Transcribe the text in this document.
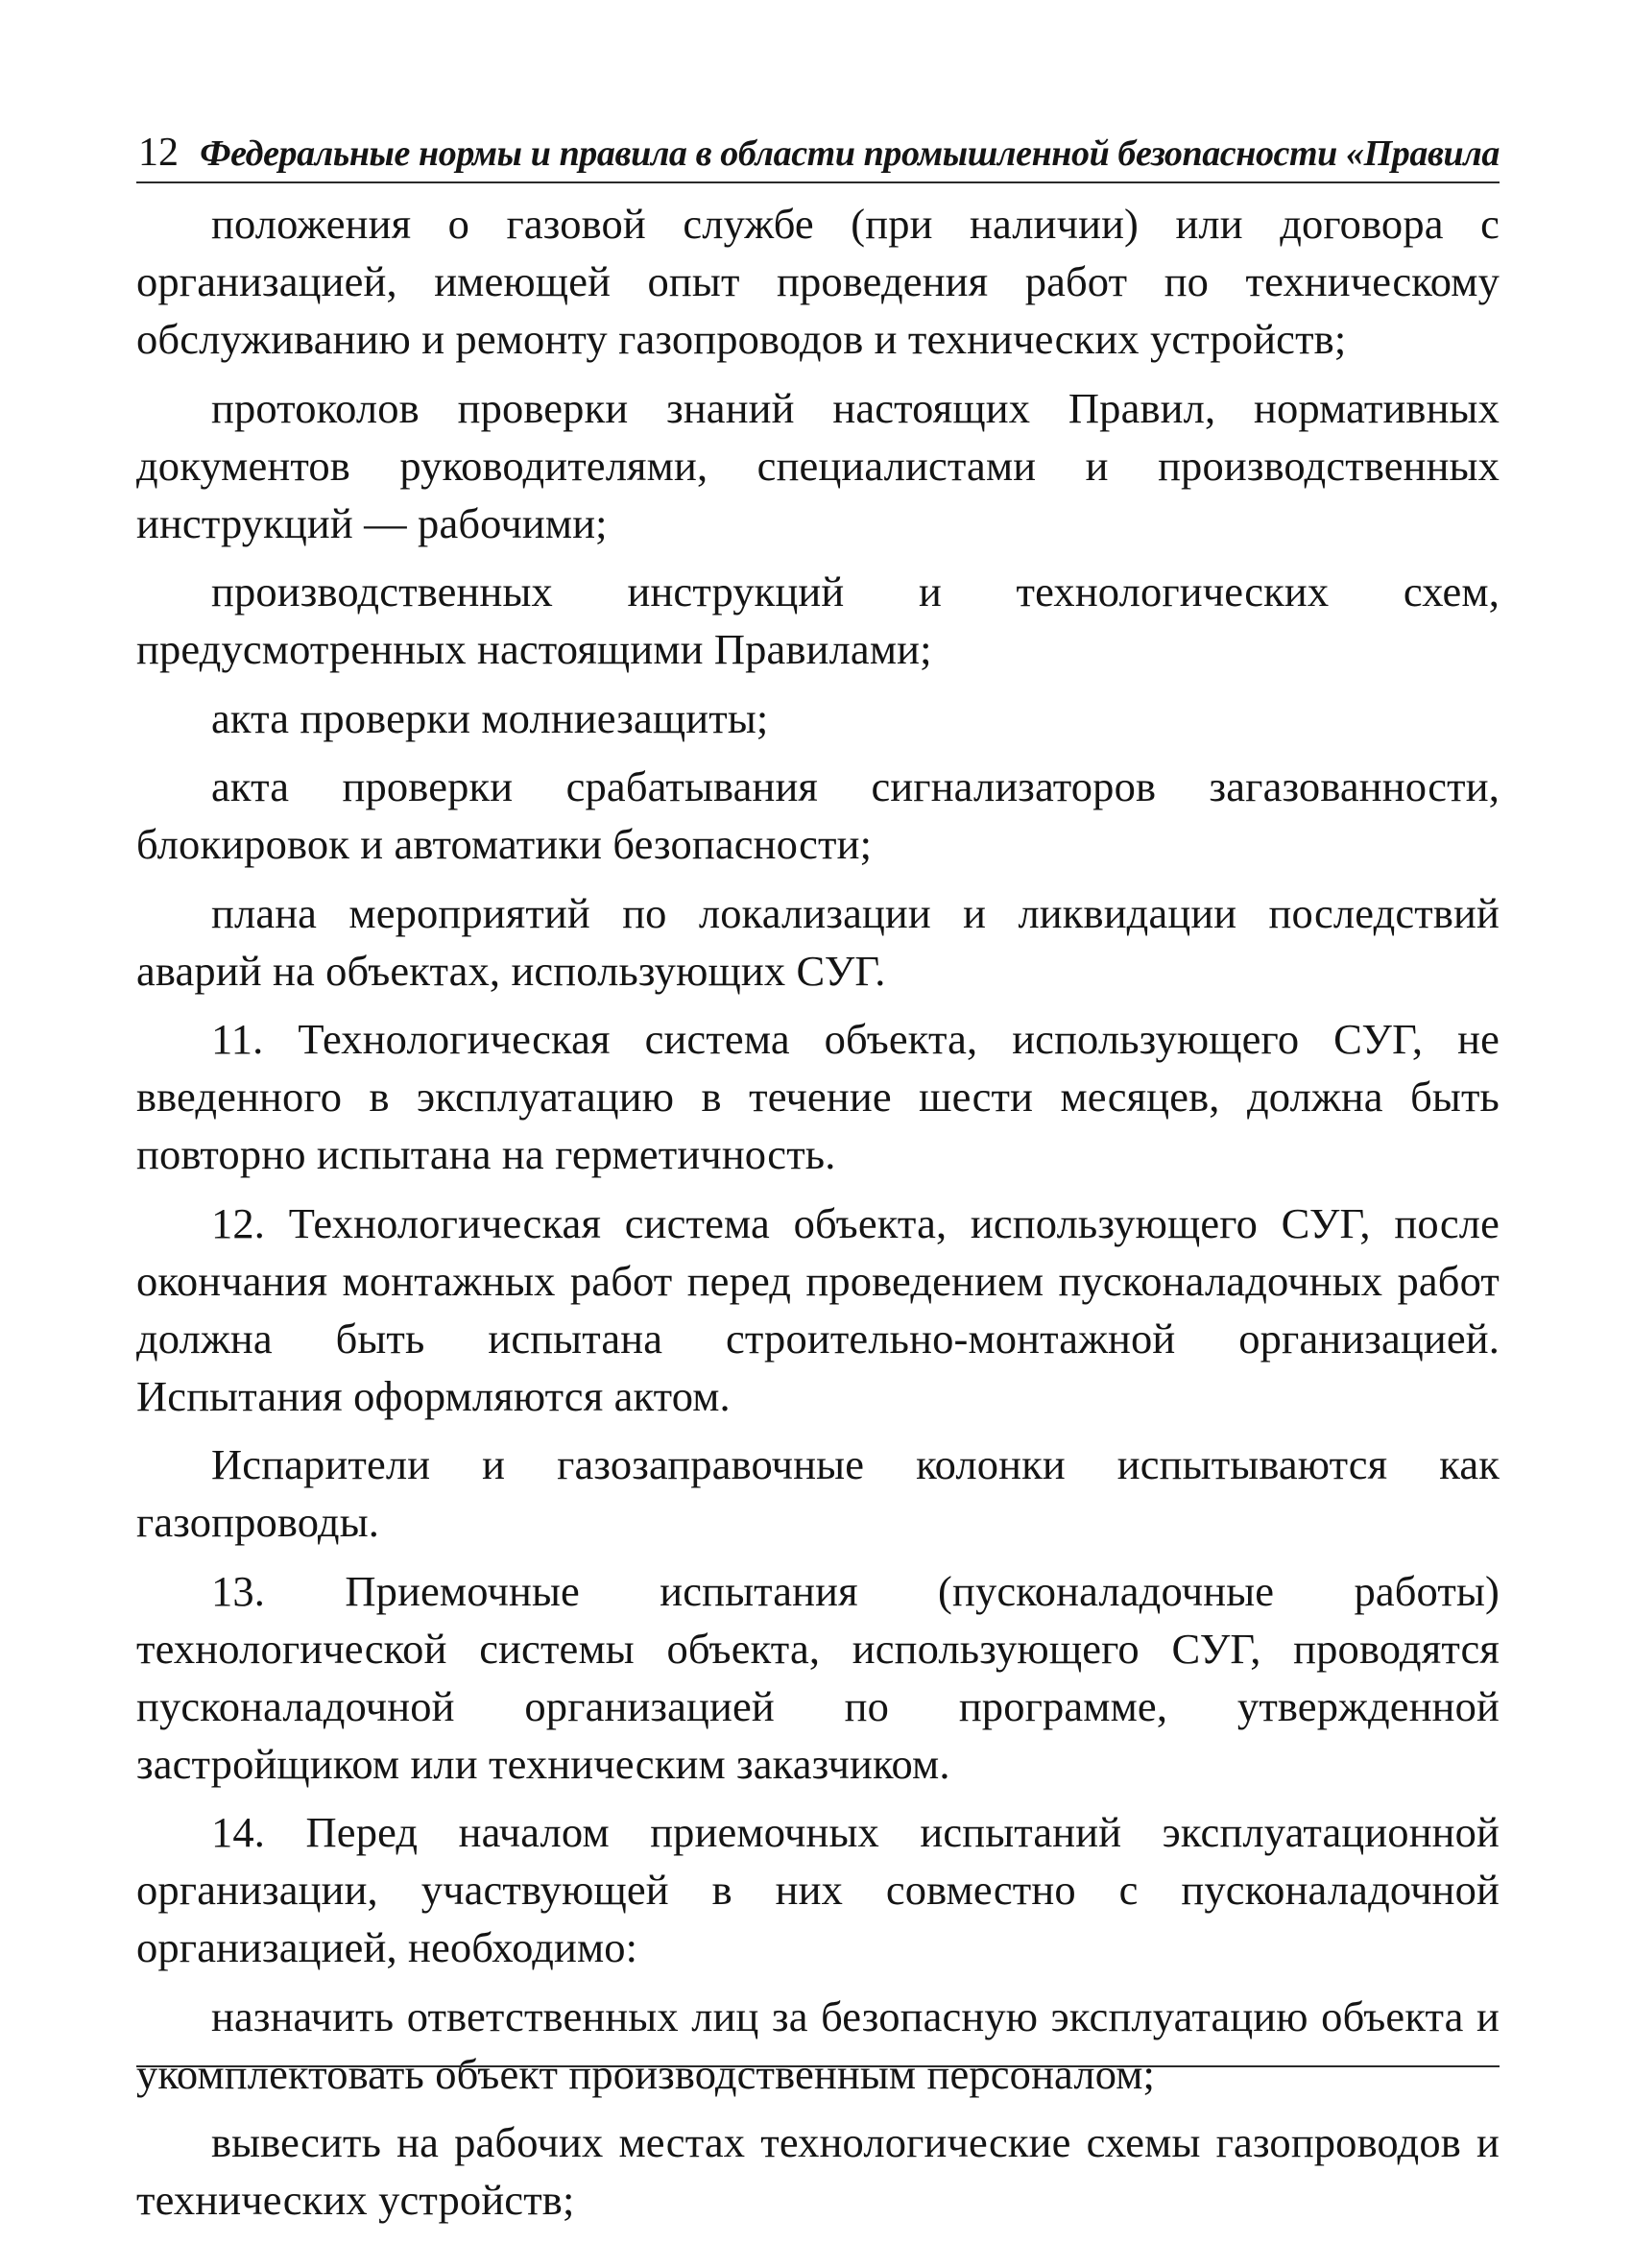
12 Федеральные нормы и правила в области промышленной безопасности «Правила

положения о газовой службе (при наличии) или договора с организацией, имеющей опыт проведения работ по техническому обслуживанию и ремонту газопроводов и технических устройств;

протоколов проверки знаний настоящих Правил, нормативных документов руководителями, специалистами и производственных инструкций — рабочими;

производственных инструкций и технологических схем, предусмотренных настоящими Правилами;

акта проверки молниезащиты;

акта проверки срабатывания сигнализаторов загазованности, блокировок и автоматики безопасности;

плана мероприятий по локализации и ликвидации последствий аварий на объектах, использующих СУГ.

11. Технологическая система объекта, использующего СУГ, не введенного в эксплуатацию в течение шести месяцев, должна быть повторно испытана на герметичность.

12. Технологическая система объекта, использующего СУГ, после окончания монтажных работ перед проведением пусконаладочных работ должна быть испытана строительно-монтажной организацией. Испытания оформляются актом.

Испарители и газозаправочные колонки испытываются как газопроводы.

13. Приемочные испытания (пусконаладочные работы) технологической системы объекта, использующего СУГ, проводятся пусконаладочной организацией по программе, утвержденной застройщиком или техническим заказчиком.

14. Перед началом приемочных испытаний эксплуатационной организации, участвующей в них совместно с пусконаладочной организацией, необходимо:

назначить ответственных лиц за безопасную эксплуатацию объекта и укомплектовать объект производственным персоналом;

вывесить на рабочих местах технологические схемы газопроводов и технических устройств;
